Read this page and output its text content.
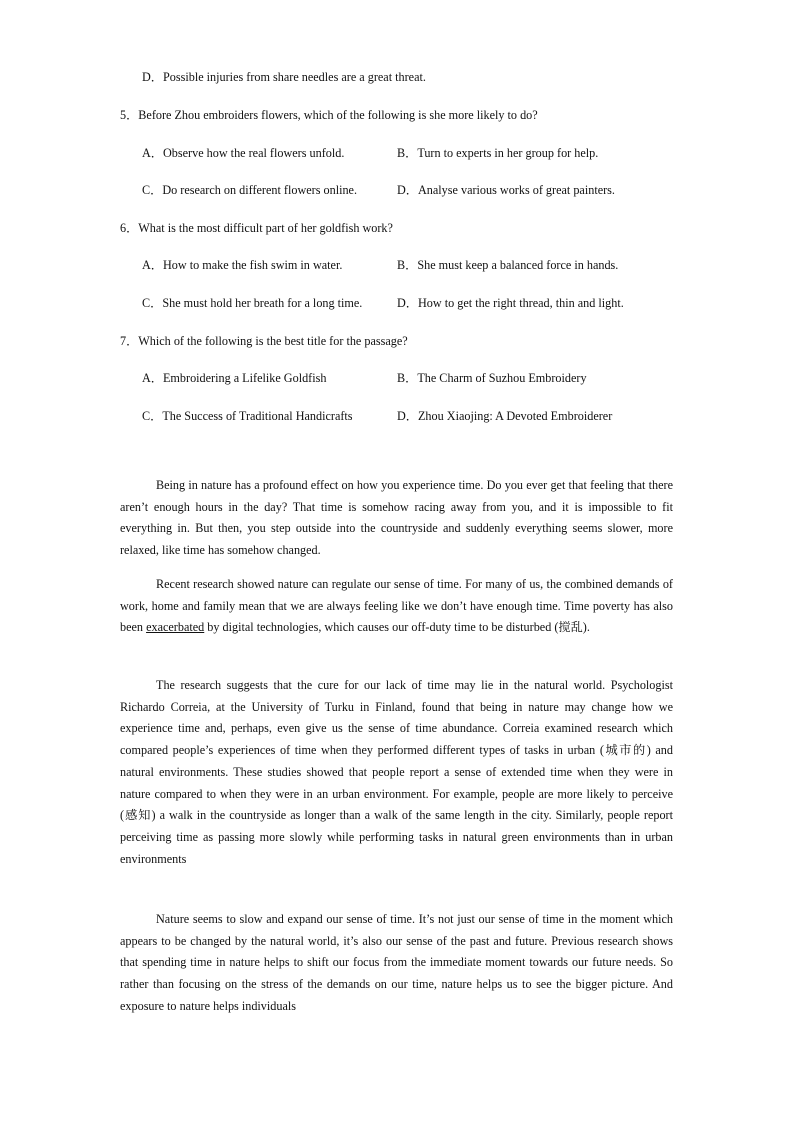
D．Possible injuries from share needles are a great threat.
5．Before Zhou embroiders flowers, which of the following is she more likely to do?
A．Observe how the real flowers unfold.	B．Turn to experts in her group for help.
C．Do research on different flowers online.	D．Analyse various works of great painters.
6．What is the most difficult part of her goldfish work?
A．How to make the fish swim in water.	B．She must keep a balanced force in hands.
C．She must hold her breath for a long time.	D．How to get the right thread, thin and light.
7．Which of the following is the best title for the passage?
A．Embroidering a Lifelike Goldfish	B．The Charm of Suzhou Embroidery
C．The Success of Traditional Handicrafts	D．Zhou Xiaojing: A Devoted Embroiderer

Being in nature has a profound effect on how you experience time. Do you ever get that feeling that there aren’t enough hours in the day? That time is somehow racing away from you, and it is impossible to fit everything in. But then, you step outside into the countryside and suddenly everything seems slower, more relaxed, like time has somehow changed.

Recent research showed nature can regulate our sense of time. For many of us, the combined demands of work, home and family mean that we are always feeling like we don’t have enough time. Time poverty has also been exacerbated by digital technologies, which causes our off-duty time to be disturbed (搅乱).

The research suggests that the cure for our lack of time may lie in the natural world. Psychologist Richardo Correia, at the University of Turku in Finland, found that being in nature may change how we experience time and, perhaps, even give us the sense of time abundance. Correia examined research which compared people’s experiences of time when they performed different types of tasks in urban (城市的) and natural environments. These studies showed that people report a sense of extended time when they were in nature compared to when they were in an urban environment. For example, people are more likely to perceive (感知) a walk in the countryside as longer than a walk of the same length in the city. Similarly, people report perceiving time as passing more slowly while performing tasks in natural green environments than in urban environments

Nature seems to slow and expand our sense of time. It’s not just our sense of time in the moment which appears to be changed by the natural world, it’s also our sense of the past and future. Previous research shows that spending time in nature helps to shift our focus from the immediate moment towards our future needs. So rather than focusing on the stress of the demands on our time, nature helps us to see the bigger picture. And exposure to nature helps individuals
